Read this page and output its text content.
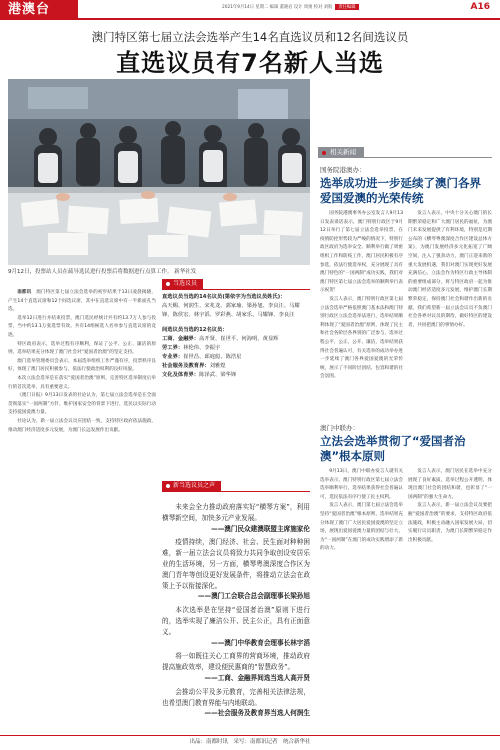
港澳台	2021年9月14日 星期二 编辑 董晓岩 设计 周俊 校对 刘航 责任编辑	A16
澳门特区第七届立法会选举产生14名直选议员和12名间选议员
直选议员有7名新人当选
9月12日，投票站人员在疏导选民进行投票后将数据进行点算工作。 新华社发

南都讯　 澳门特区第七届立法会选举的初步结果于13日凌晨揭晓，产生14个直选议席和12个间选议席，其中在直选议席中有一半新面孔当选。

选举12日进行并结束投票，澳门选民经统计共有约13.7万人参与投票，当中约13.1万张选票有效。共有14组候选人名单参与直选议席的竞逐。

特区政府表示，选举过程有序顺利，保证了公平、公正、廉洁的原则，选举结果充分体现了澳门社会对“爱国者治澳”的坚定支持。

澳门选举管理委员会表示，本届选举组织工作严谨有序，投票秩序良好，体现了澳门居民积极参与、依法行使政治权利的良好风貌。

本次立法会选举是在落实“爱国者治澳”原则、完善特区选举制度后举行的首次选举，具有重要意义。

《澳门日报》9月13日发表的社论认为，第七届立法会选举是在全面贯彻落实“一国两制”方针、维护国家安全的背景下进行，选民以实际行动支持爱国爱澳力量。

社论认为，新一届立法会议员应团结一致，支持特区政府依法施政，推动澳门经济适度多元发展，为澳门长远发展作出贡献。

当选议员
直选议员当选的14名议员(第依字为当选议员姓氏)：
高天赐、何润生、宋兆龙、郭家瑜、梁孙旭、李良汪、马耀锋、陈侯宏、林宇滔、罗彩燕、胡家乐、马耀锋、李良汪
间选议员当选的12名议员：
工商、金融界：高开贤、崔世平、何海明、黄显辉
劳工界：林伦伟、李振宇
专业界：崔世昌、邱庭彪、陈浩星
社会服务及教育界：刘雅煌
文化及体育界：陈泽武、梁华锋
新当选议员之声
未来会全力推动政府落实好“横琴方案”，利用横琴新空间，加快多元产业发展。
——澳门民众建澳联盟主席施家伦
疫情持续，澳门经济、社会、民生面对种种困难，新一届立法会议员将致力共同争取创设安居乐业的生活环境，另一方面，横琴粤澳深度合作区为澳门青年等创设更好发展条件，将推动立法会在政策上予以衔接深化。
——澳门工会联合总会副理事长梁孙旭
本次选举是在坚持“爱国者治澳”原则下进行的，选举实现了廉洁公开、民主公正，具有正面意义。
——澳门中华教育会理事长林宇滔
将一如既往关心工商界的营商环境，推动政府提高施政效率，建设便民惠商的“智慧政务”。
——工商、金融界间选当选人高开贤
会推动公平及多元教育，完善相关法律法规，也希望澳门教育界能与内地联动。
——社会服务及教育界当选人何润生
相关新闻
国务院港澳办：
选举成功进一步延续了澳门各界爱国爱澳的光荣传统

国务院港澳事务办公室发言人9月13日发表谈话表示，澳门特别行政区于9月12日举行了第七届立法会选举投票，在疫情防控形势较为严峻的情况下，特别行政区政府为选举安全、顺利举行做了周密组织工作和防疫工作，澳门居民积极有序参选，依法行使选举权，充分展现了具有澳门特色的“一国两制”成功实践，我们对澳门特区第七届立法会选举的顺利举行表示祝贺！

发言人表示，澳门特别行政区第七届立法会选举严格依照澳门基本法和澳门特别行政区立法会选举法进行，选举结果顺利体现了“爱国者治澳”原则，体现了民主和社会各阶层各界别的广泛参与，选举过程公平、公正、公开、廉洁，选举结果获得社会普遍认可，有关选举的成功举办进一步延续了澳门各界爱国爱澳的光荣传统，展示了不同阶层团结、包容和谐的社会氛围。

发言人表示，中央十分关心澳门的长期繁荣稳定和广大澳门居民的福祉，为澳门未来发展提供了有利环境，特别是近期公布的《横琴粤澳深度合作区建设总体方案》，为澳门发展经济多元化拓宽了广阔空间，注入了强劲动力，澳门正迎来新的重大发展机遇，我们对澳门实现更好发展充满信心，立法会作为特区行政主导体制的重要组成部分，将与特区政府一起为推动澳门经济适度多元发展，维护澳门长期繁荣稳定、保持澳门社会和谐作出新的贡献。我们希望新一届立法会议员不负澳门社会各界对议员的期待，做好特区的建设者，共同把澳门的事情办好。

澳门中联办：
立法会选举贯彻了“爱国者治澳”根本原则

9月13日，澳门中联办发言人就有关选举表示，澳门特别行政区第七届立法会选举顺利举行，选举结果获得社会普遍认可，选民依法有序行使了民主权利。

发言人表示，澳门第七届立法会选举坚持“爱国者治澳”根本原则，选举结果充分体现了澳门广大居民爱国爱澳的坚定立场，展现出爱国爱澳力量的团结与壮大，为“一国两制”在澳门的成功实践增添了新的动力。

发言人表示，澳门居民在选举中充分展现了良好素质，选举过程公开透明，体现出澳门社会的团结和谐，也彰显了“一国两制”的强大生命力。

发言人表示，新一届立法会议员要把握“爱国者治澳”的要求，支持特区政府依法施政，积极主动融入国家发展大局，切实履行议员职责，为澳门长期繁荣稳定作出积极贡献。

出品：南都时讯　采写：南都讯记者　统合新华社
